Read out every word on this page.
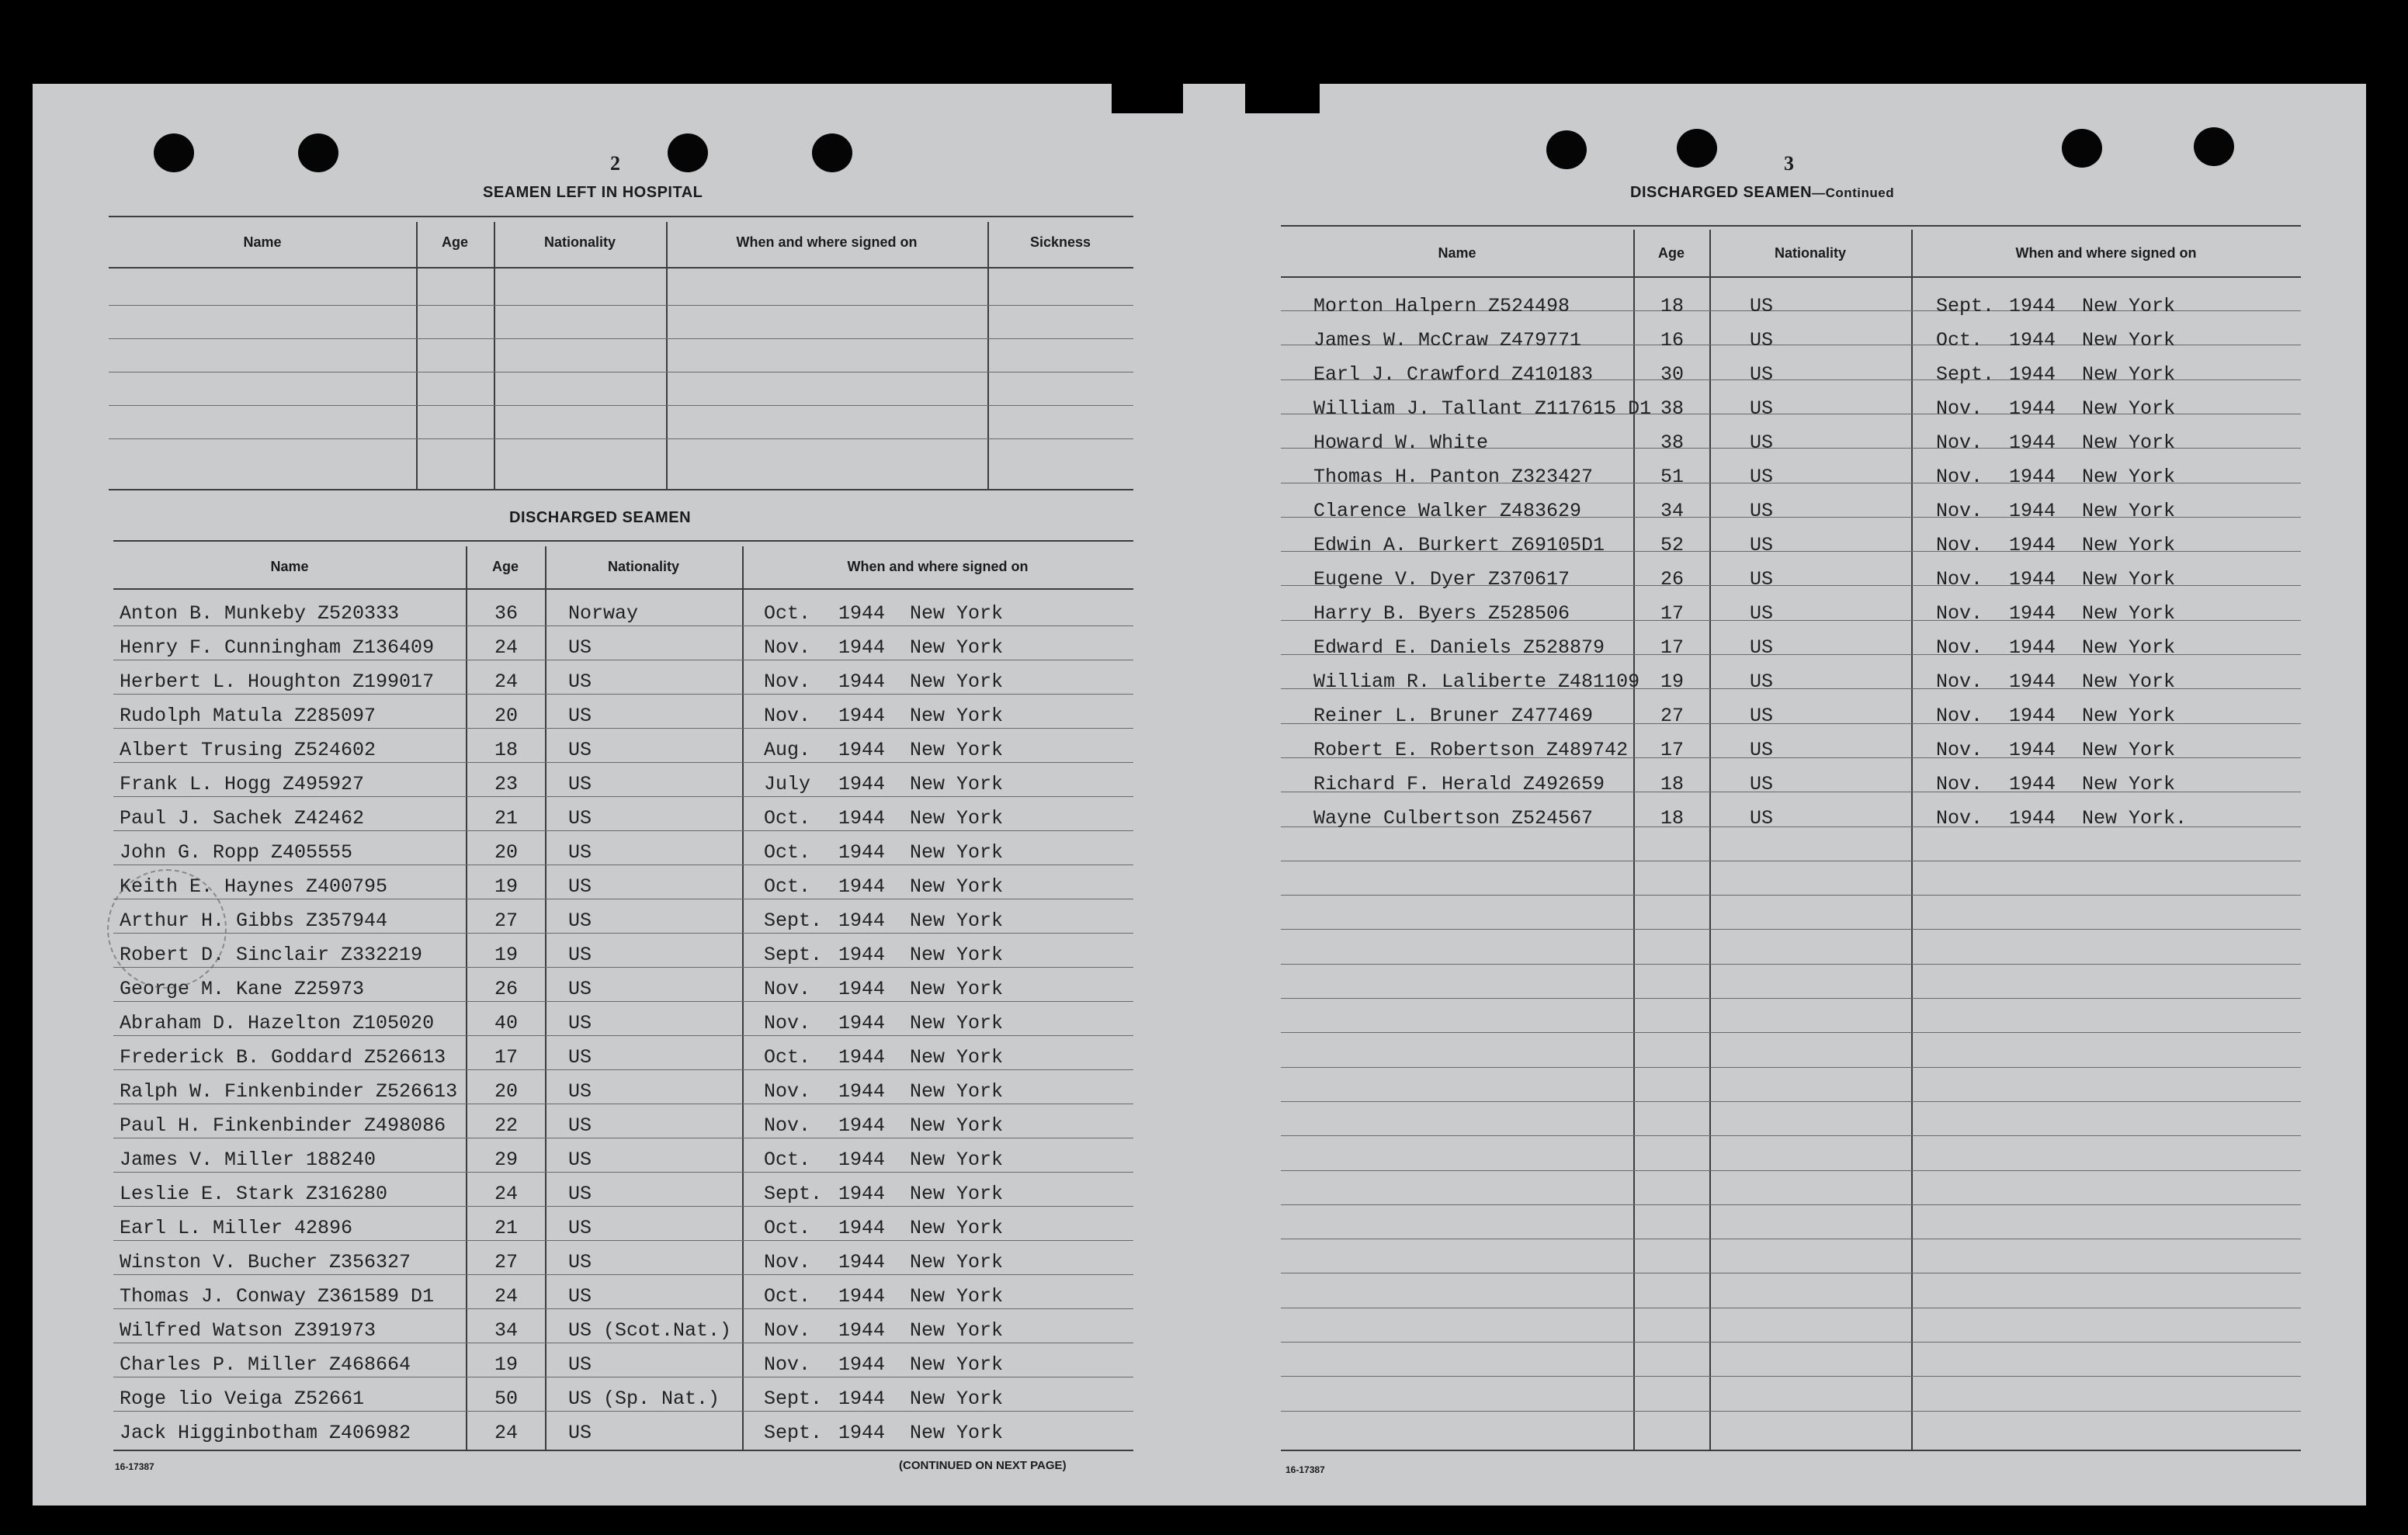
2
SEAMEN LEFT IN HOSPITAL
Name	Age	Nationality	When and where signed on	Sickness
DISCHARGED SEAMEN
Name	Age	Nationality	When and where signed on
Anton B. Munkeby Z520333	36	Norway	Oct. 1944 New York
Henry F. Cunningham Z136409	24	US	Nov. 1944 New York
Herbert L. Houghton Z199017	24	US	Nov. 1944 New York
Rudolph Matula Z285097	20	US	Nov. 1944 New York
Albert Trusing Z524602	18	US	Aug. 1944 New York
Frank L. Hogg Z495927	23	US	July 1944 New York
Paul J. Sachek Z42462	21	US	Oct. 1944 New York
John G. Ropp Z405555	20	US	Oct. 1944 New York
Keith E. Haynes Z400795	19	US	Oct. 1944 New York
Arthur H. Gibbs Z357944	27	US	Sept. 1944 New York
Robert D. Sinclair Z332219	19	US	Sept. 1944 New York
George M. Kane Z25973	26	US	Nov. 1944 New York
Abraham D. Hazelton Z105020	40	US	Nov. 1944 New York
Frederick B. Goddard Z526613	17	US	Oct. 1944 New York
Ralph W. Finkenbinder Z526613	20	US	Nov. 1944 New York
Paul H. Finkenbinder Z498086	22	US	Nov. 1944 New York
James V. Miller 188240	29	US	Oct. 1944 New York
Leslie E. Stark Z316280	24	US	Sept. 1944 New York
Earl L. Miller 42896	21	US	Oct. 1944 New York
Winston V. Bucher Z356327	27	US	Nov. 1944 New York
Thomas J. Conway Z361589 D1	24	US	Oct. 1944 New York
Wilfred Watson Z391973	34	US (Scot.Nat.) Nov. 1944 New York
Charles P. Miller Z468664	19	US	Nov. 1944 New York
Roge lio Veiga Z52661	50	US (Sp. Nat.) Sept. 1944 New York
Jack Higginbotham Z406982	24	US	Sept. 1944 New York
16-17387	(CONTINUED ON NEXT PAGE)
3
DISCHARGED SEAMEN—Continued
Name	Age	Nationality	When and where signed on
Morton Halpern Z524498	18	US	Sept. 1944 New York
James W. McCraw Z479771	16	US	Oct. 1944 New York
Earl J. Crawford Z410183	30	US	Sept. 1944 New York
William J. Tallant Z117615 D1 38	US	Nov. 1944 New York
Howard W. White	38	US	Nov. 1944 New York
Thomas H. Panton Z323427	51	US	Nov. 1944 New York
Clarence Walker Z483629	34	US	Nov. 1944 New York
Edwin A. Burkert Z69105D1	52	US	Nov. 1944 New York
Eugene V. Dyer Z370617	26	US	Nov. 1944 New York
Harry B. Byers Z528506	17	US	Nov. 1944 New York
Edward E. Daniels Z528879	17	US	Nov. 1944 New York
William R. Laliberte Z481109	19	US	Nov. 1944 New York
Reiner L. Bruner Z477469	27	US	Nov. 1944 New York
Robert E. Robertson Z489742	17	US	Nov. 1944 New York
Richard F. Herald Z492659	18	US	Nov. 1944 New York
Wayne Culbertson Z524567	18	US	Nov. 1944 New York.
16-17387
